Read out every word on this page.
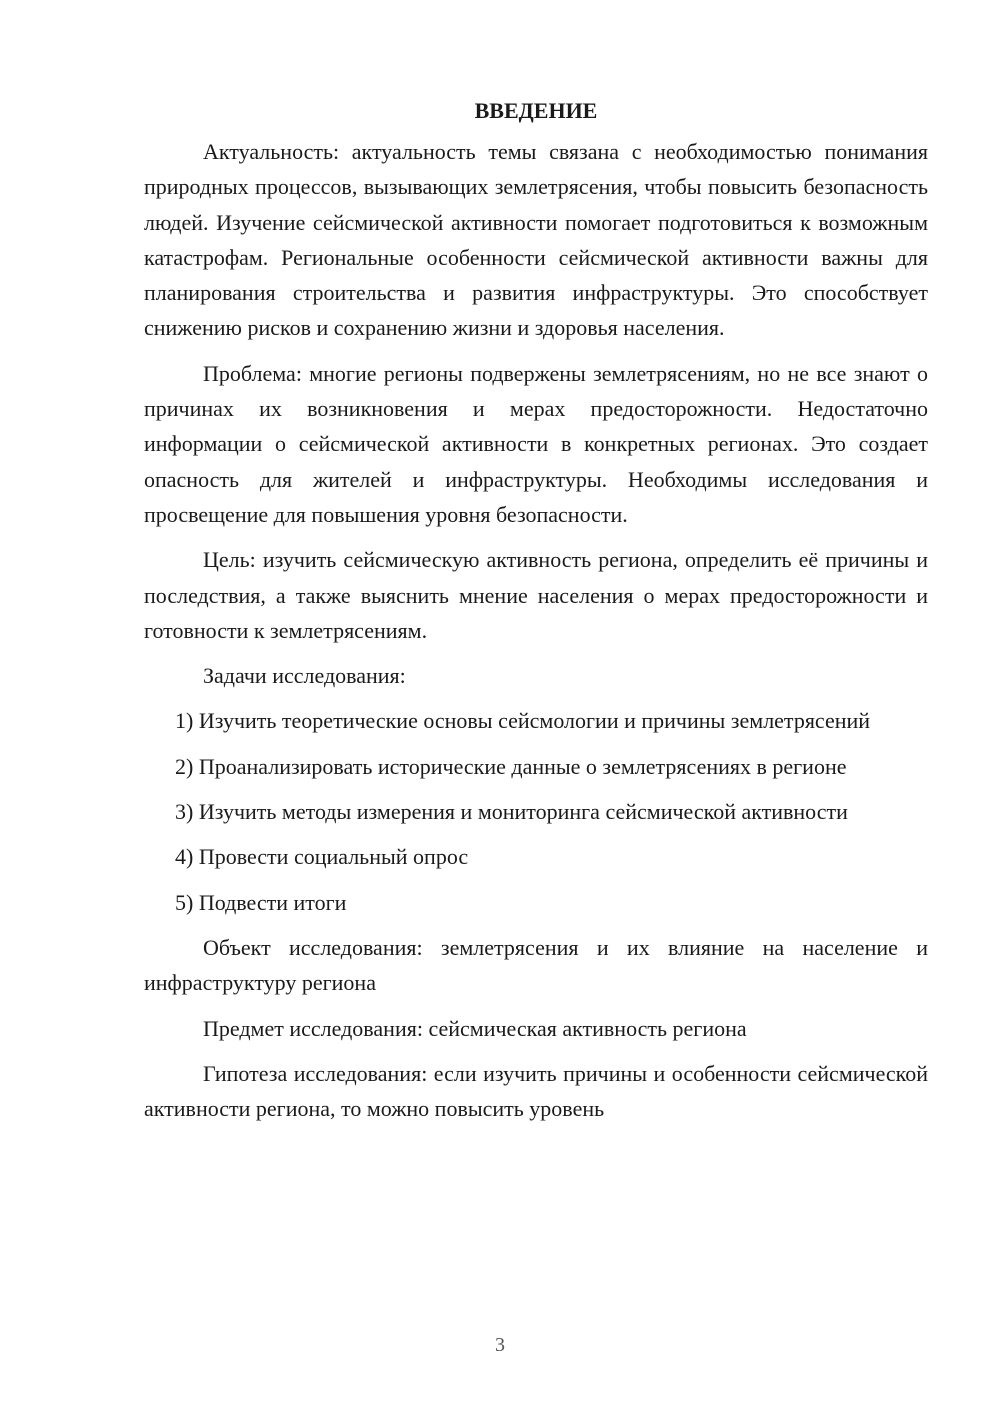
ВВЕДЕНИЕ

Актуальность: актуальность темы связана с необходимостью понимания природных процессов, вызывающих землетрясения, чтобы повысить безопасность людей. Изучение сейсмической активности помогает подготовиться к возможным катастрофам. Региональные особенности сейсмической активности важны для планирования строительства и развития инфраструктуры. Это способствует снижению рисков и сохранению жизни и здоровья населения.

Проблема: многие регионы подвержены землетрясениям, но не все знают о причинах их возникновения и мерах предосторожности. Недостаточно информации о сейсмической активности в конкретных регионах. Это создает опасность для жителей и инфраструктуры. Необходимы исследования и просвещение для повышения уровня безопасности.

Цель: изучить сейсмическую активность региона, определить её причины и последствия, а также выяснить мнение населения о мерах предосторожности и готовности к землетрясениям.

Задачи исследования:

1) Изучить теоретические основы сейсмологии и причины землетрясений

2) Проанализировать исторические данные о землетрясениях в регионе

3) Изучить методы измерения и мониторинга сейсмической активности

4) Провести социальный опрос

5) Подвести итоги

Объект исследования: землетрясения и их влияние на население и инфраструктуру региона

Предмет исследования: сейсмическая активность региона

Гипотеза исследования: если изучить причины и особенности сейсмической активности региона, то можно повысить уровень

3
